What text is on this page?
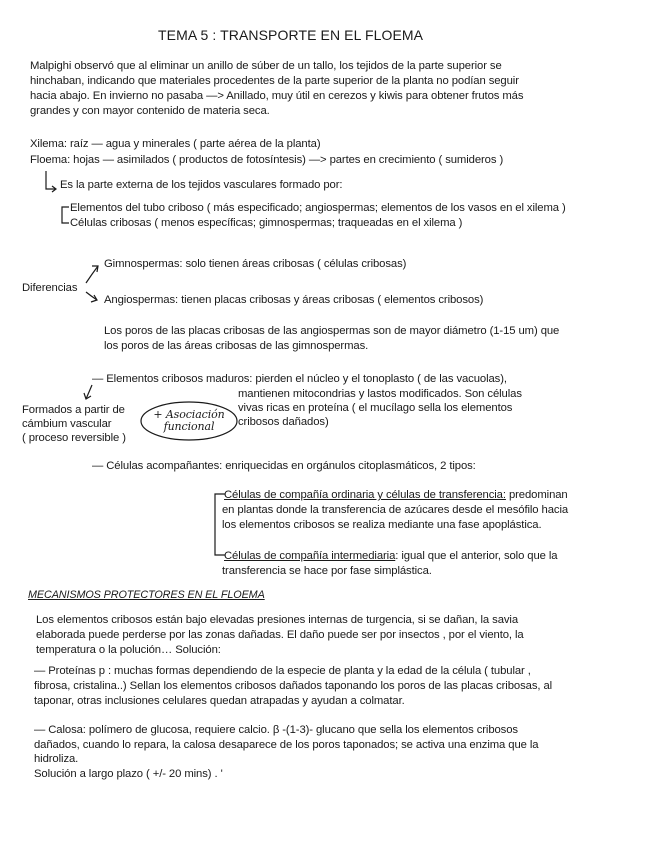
TEMA 5 : TRANSPORTE EN EL FLOEMA
Malpighi observó que al eliminar un anillo de súber de un tallo, los tejidos de la parte superior se
hinchaban, indicando que materiales procedentes de la parte superior de la planta no podían seguir
hacia abajo. En invierno no pasaba —> Anillado, muy útil en cerezos y kiwis para obtener frutos más
grandes y con mayor contenido de materia seca.
Xilema: raíz — agua y minerales ( parte aérea de la planta)
Floema: hojas — asimilados ( productos de fotosíntesis) —> partes en crecimiento ( sumideros )
Es la parte externa de los tejidos vasculares formado por:
Elementos del tubo criboso ( más especificado; angiospermas; elementos de los vasos en el xilema )
Células cribosas ( menos específicas; gimnospermas; traqueadas en el xilema )
Diferencias
Gimnospermas: solo tienen áreas cribosas ( células cribosas)
Angiospermas: tienen placas cribosas y áreas cribosas ( elementos cribosos)
Los poros de las placas cribosas de las angiospermas son de mayor diámetro (1-15 um) que
los poros de las áreas cribosas de las gimnospermas.
— Elementos cribosos maduros: pierden el núcleo y el tonoplasto ( de las vacuolas),
mantienen mitocondrias y lastos modificados. Son células
vivas ricas en proteína ( el mucílago sella los elementos
cribosos dañados)
Formados a partir de
cámbium vascular
( proceso reversible )
+ Asociación
funcional
— Células acompañantes: enriquecidas en orgánulos citoplasmáticos, 2 tipos:
Células de compañía ordinaria y células de transferencia: predominan
en plantas donde la transferencia de azúcares desde el mesófilo hacia
los elementos cribosos se realiza mediante una fase apoplástica.
Células de compañía intermediaria: igual que el anterior, solo que la
transferencia se hace por fase simplástica.
MECANISMOS PROTECTORES EN EL FLOEMA
Los elementos cribosos están bajo elevadas presiones internas de turgencia, si se dañan, la savia
elaborada puede perderse por las zonas dañadas. El daño puede ser por insectos , por el viento, la
temperatura o la polución… Solución:
— Proteínas p : muchas formas dependiendo de la especie de planta y la edad de la célula ( tubular ,
fibrosa, cristalina..) Sellan los elementos cribosos dañados taponando los poros de las placas cribosas, al
taponar, otras inclusiones celulares quedan atrapadas y ayudan a colmatar.
— Calosa: polímero de glucosa, requiere calcio. β -(1-3)- glucano que sella los elementos cribosos
dañados, cuando lo repara, la calosa desaparece de los poros taponados; se activa una enzima que la
hidroliza.
Solución a largo plazo ( +/- 20 mins) . '
